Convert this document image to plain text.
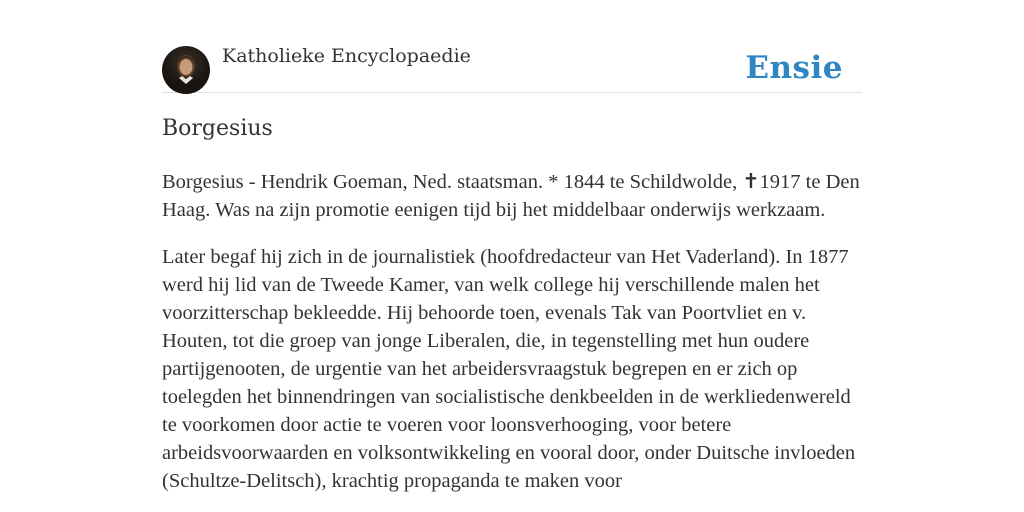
Katholieke Encyclopaedie	Ensie
Borgesius

Borgesius - Hendrik Goeman, Ned. staatsman. * 1844 te Schildwolde, ✝1917 te Den Haag. Was na zijn promotie eenigen tijd bij het middelbaar onderwijs werkzaam.

Later begaf hij zich in de journalistiek (hoofdredacteur van Het Vaderland). In 1877 werd hij lid van de Tweede Kamer, van welk college hij verschillende malen het voorzitterschap bekleedde. Hij behoorde toen, evenals Tak van Poortvliet en v. Houten, tot die groep van jonge Liberalen, die, in tegenstelling met hun oudere partijgenooten, de urgentie van het arbeidersvraagstuk begrepen en er zich op toelegden het binnendringen van socialistische denkbeelden in de werkliedenwereld te voorkomen door actie te voeren voor loonsverhooging, voor betere arbeidsvoorwaarden en volksontwikkeling en vooral door, onder Duitsche invloeden (Schultze-Delitsch), krachtig propaganda te maken voor
